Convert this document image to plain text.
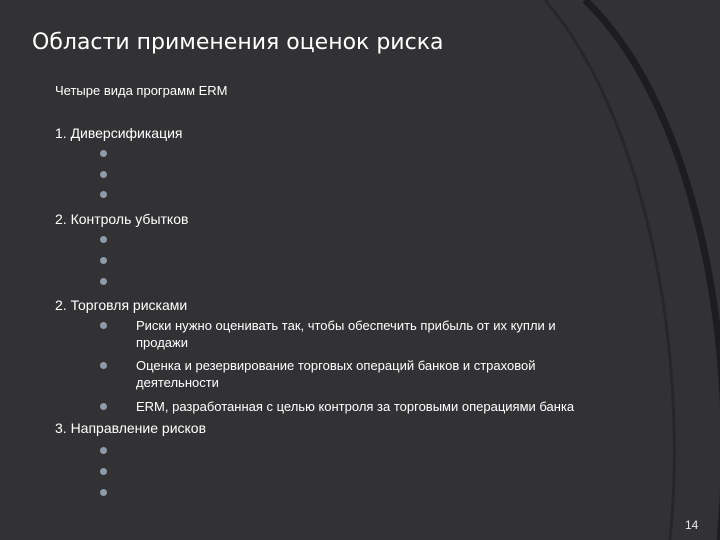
Области применения оценок риска
Четыре вида программ ERM
1. Диверсификация
2. Контроль убытков
2. Торговля рисками
Риски нужно оценивать так, чтобы обеспечить прибыль от их купли и
продажи
Оценка и резервирование торговых операций банков и страховой
деятельности
ERM, разработанная с целью контроля за торговыми операциями банка
3. Направление рисков
14
